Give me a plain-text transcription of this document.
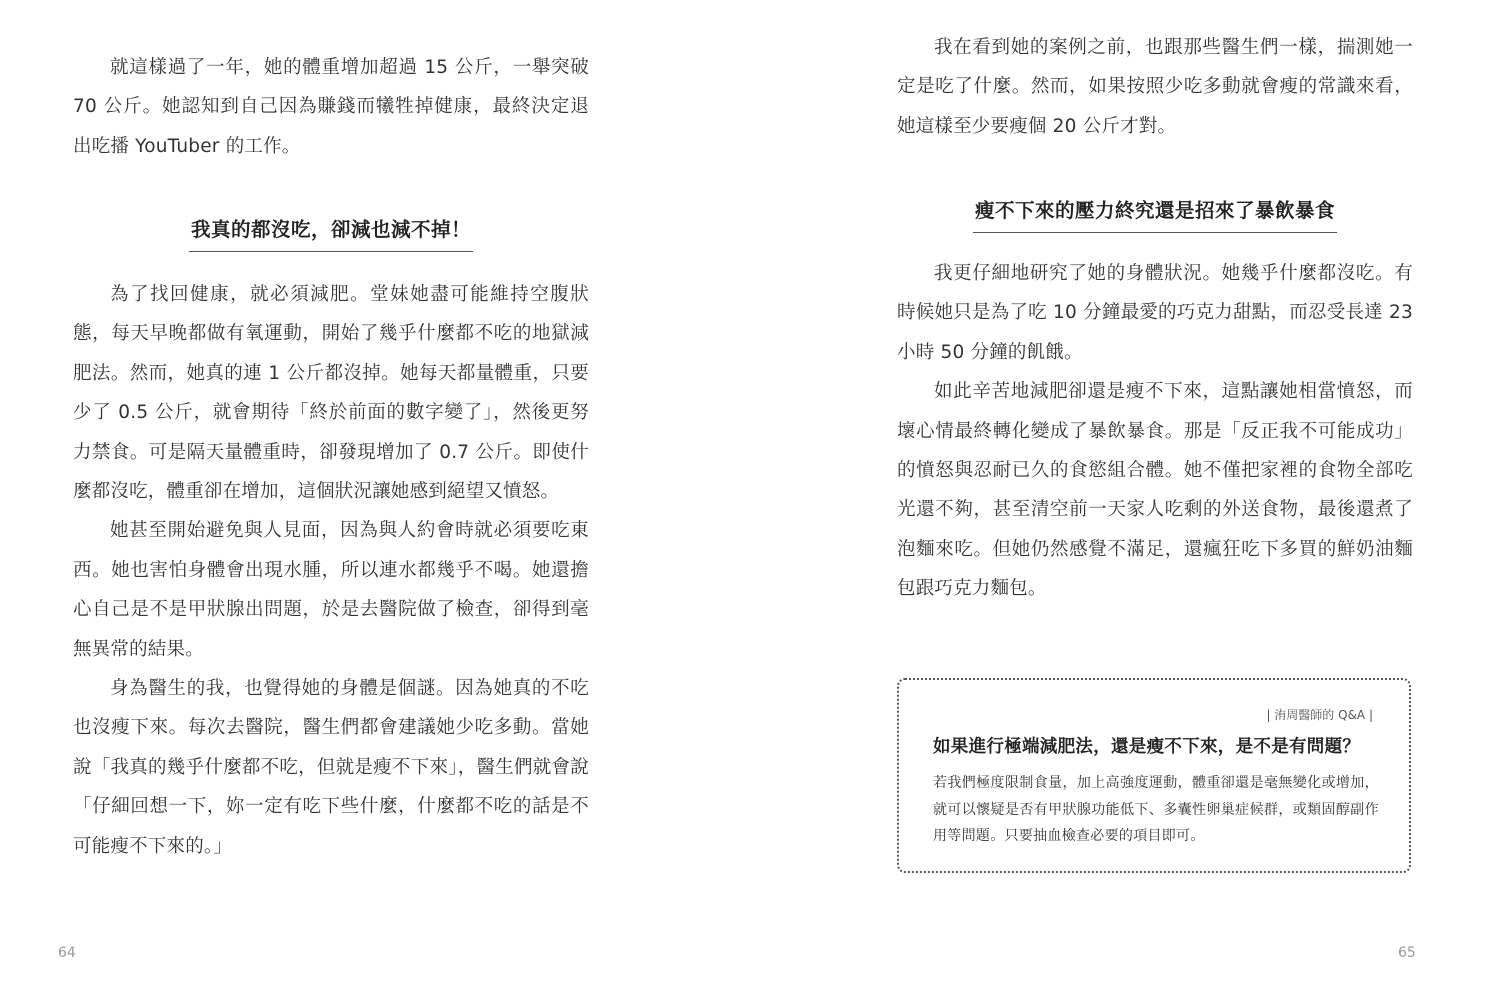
就這樣過了一年，她的體重增加超過 15 公斤，一舉突破 70 公斤。她認知到自己因為賺錢而犧牲掉健康，最終決定退出吃播 YouTuber 的工作。

我真的都沒吃，卻減也減不掉！

為了找回健康，就必須減肥。堂妹她盡可能維持空腹狀態，每天早晚都做有氧運動，開始了幾乎什麼都不吃的地獄減肥法。然而，她真的連 1 公斤都沒掉。她每天都量體重，只要少了 0.5 公斤，就會期待「終於前面的數字變了」，然後更努力禁食。可是隔天量體重時，卻發現增加了 0.7 公斤。即使什麼都沒吃，體重卻在增加，這個狀況讓她感到絕望又憤怒。

她甚至開始避免與人見面，因為與人約會時就必須要吃東西。她也害怕身體會出現水腫，所以連水都幾乎不喝。她還擔心自己是不是甲狀腺出問題，於是去醫院做了檢查，卻得到毫無異常的結果。

身為醫生的我，也覺得她的身體是個謎。因為她真的不吃也沒瘦下來。每次去醫院，醫生們都會建議她少吃多動。當她說「我真的幾乎什麼都不吃，但就是瘦不下來」，醫生們就會說「仔細回想一下，妳一定有吃下些什麼，什麼都不吃的話是不可能瘦不下來的。」

64

我在看到她的案例之前，也跟那些醫生們一樣，揣測她一定是吃了什麼。然而，如果按照少吃多動就會瘦的常識來看，她這樣至少要瘦個 20 公斤才對。

瘦不下來的壓力終究還是招來了暴飲暴食

我更仔細地研究了她的身體狀況。她幾乎什麼都沒吃。有時候她只是為了吃 10 分鐘最愛的巧克力甜點，而忍受長達 23 小時 50 分鐘的飢餓。

如此辛苦地減肥卻還是瘦不下來，這點讓她相當憤怒，而壞心情最終轉化變成了暴飲暴食。那是「反正我不可能成功」的憤怒與忍耐已久的食慾組合體。她不僅把家裡的食物全部吃光還不夠，甚至清空前一天家人吃剩的外送食物，最後還煮了泡麵來吃。但她仍然感覺不滿足，還瘋狂吃下多買的鮮奶油麵包跟巧克力麵包。

| 洧周醫師的 Q&A |
如果進行極端減肥法，還是瘦不下來，是不是有問題？

若我們極度限制食量，加上高強度運動，體重卻還是毫無變化或增加，就可以懷疑是否有甲狀腺功能低下、多囊性卵巢症候群，或類固醇副作用等問題。只要抽血檢查必要的項目即可。

65
